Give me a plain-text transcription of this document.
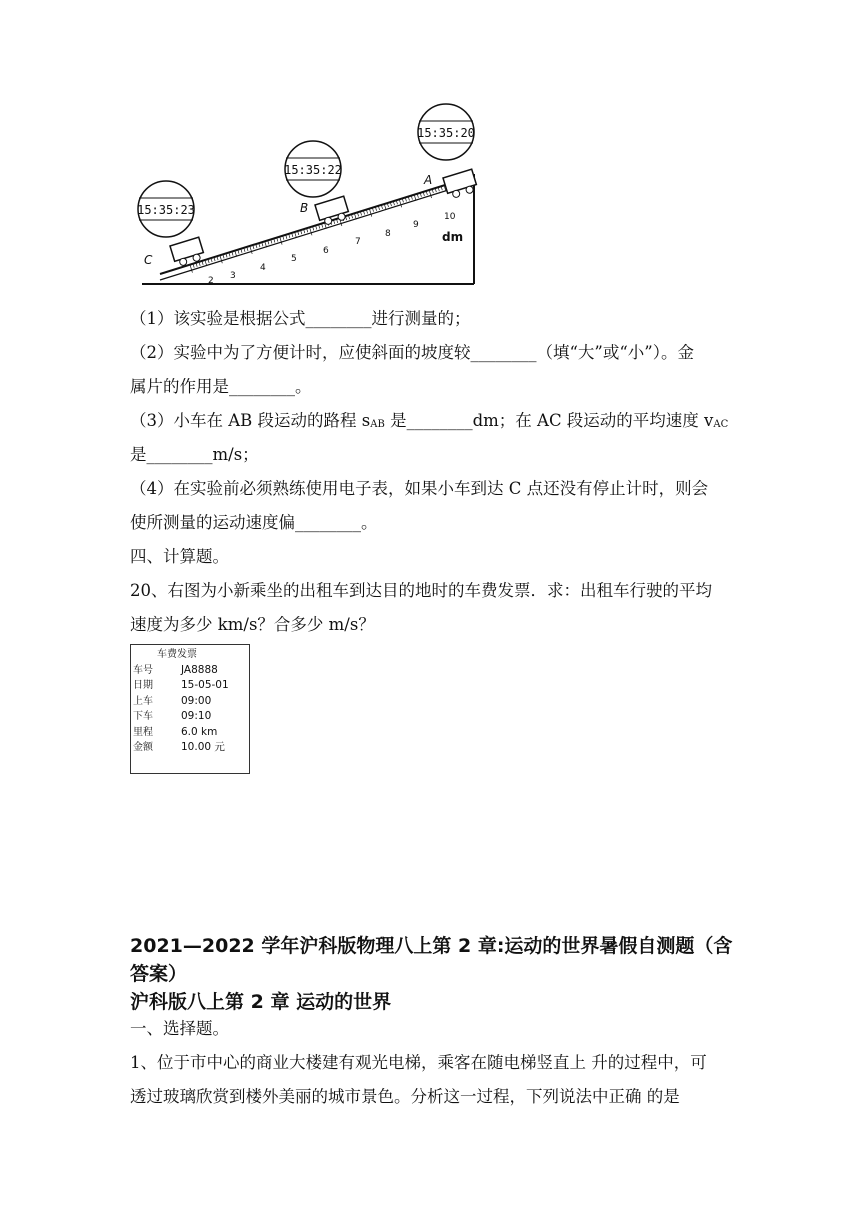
2 3
4
5
6
7
8
9
10
dm
C
B
A
15:35:23
15:35:22
15:35:20
（1）该实验是根据公式________进行测量的；
（2）实验中为了方便计时，应使斜面的坡度较________（填“大”或“小”）。金
属片的作用是________。
（3）小车在 AB 段运动的路程 $s_{AB}$ 是________dm；在 AC 段运动的平均速度 $v_{AC}$
是________m/s；
（4）在实验前必须熟练使用电子表，如果小车到达 C 点还没有停止计时，则会
使所测量的运动速度偏________。
四、计算题。
20、右图为小新乘坐的出租车到达目的地时的车费发票．求：出租车行驶的平均
速度为多少 km/s？合多少 m/s？
车费发票
车号	JA8888
日期	15-05-01
上车	09:00
下车	09:10
里程	6.0 km
金额	10.00 元
2021—2022 学年沪科版物理八上第 2 章:运动的世界暑假自测题（含
答案）
沪科版八上第 2 章 运动的世界
一、选择题。
1、位于市中心的商业大楼建有观光电梯，乘客在随电梯竖直上 升的过程中，可
透过玻璃欣赏到楼外美丽的城市景色。分析这一过程，下列说法中正确 的是
